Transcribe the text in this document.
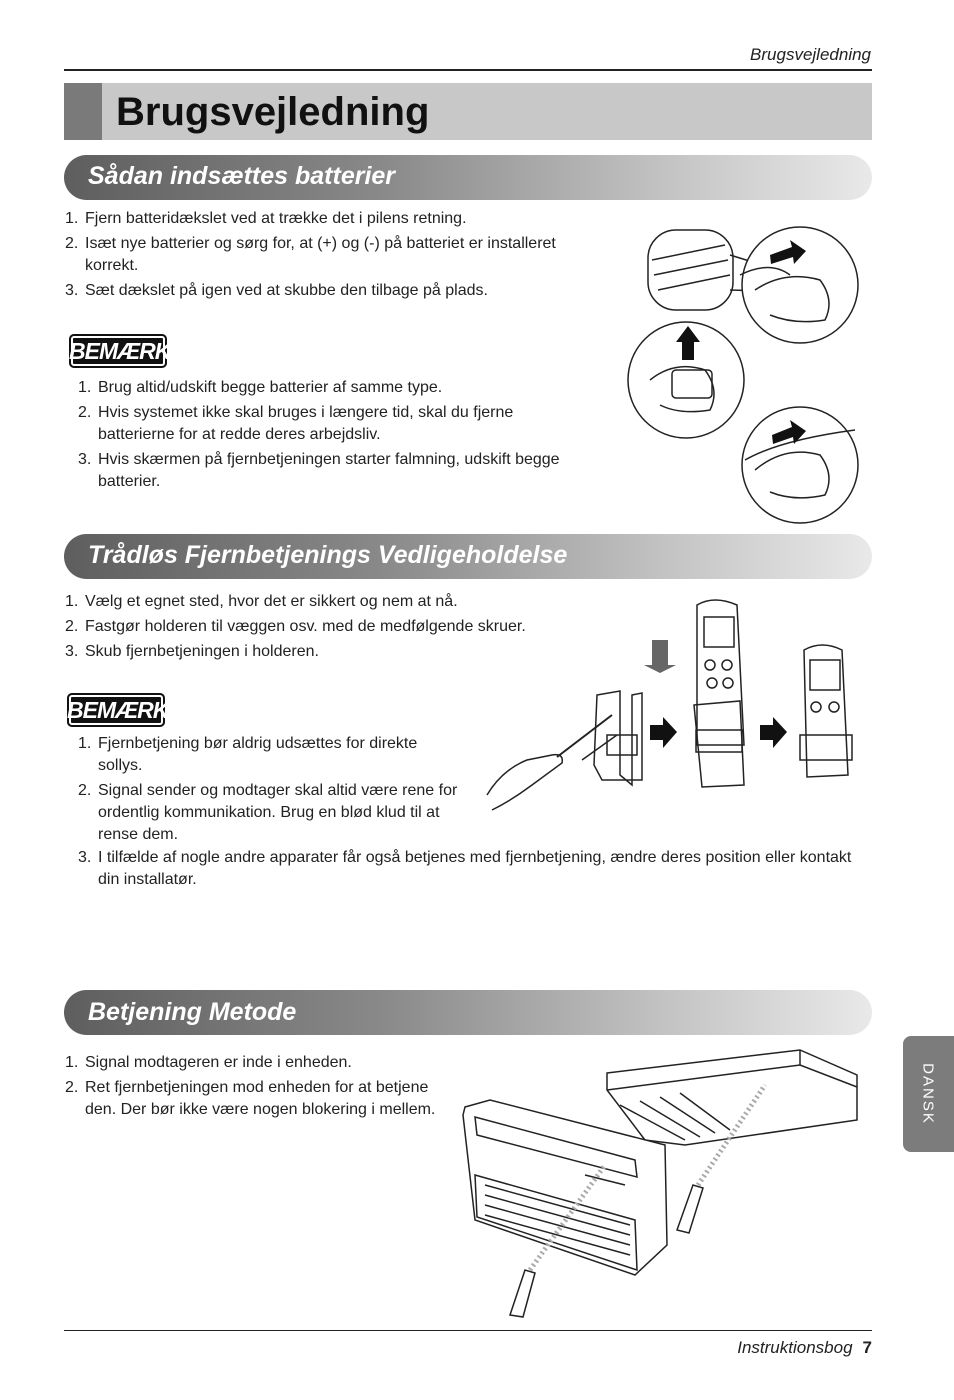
Brugsvejledning
Brugsvejledning
Sådan indsættes batterier
1. Fjern batteridækslet ved at trække det i pilens retning.
2. Isæt nye batterier og sørg for, at (+) og (-) på batteriet er installeret korrekt.
3. Sæt dækslet på igen ved at skubbe den tilbage på plads.
BEMÆRK
1. Brug altid/udskift begge batterier af samme type.
2. Hvis systemet ikke skal bruges i længere tid, skal du fjerne batterierne for at redde deres arbejdsliv.
3. Hvis skærmen på fjernbetjeningen starter falmning, udskift begge batterier.
Trådløs Fjernbetjenings Vedligeholdelse
1. Vælg et egnet sted, hvor det er sikkert og nem at nå.
2. Fastgør holderen til væggen osv. med de medfølgende skruer.
3. Skub fjernbetjeningen i holderen.
BEMÆRK
1. Fjernbetjening bør aldrig udsættes for direkte sollys.
2. Signal sender og modtager skal altid være rene for ordentlig kommunikation. Brug en blød klud til at rense dem.
3. I tilfælde af nogle andre apparater får også betjenes med fjernbetjening, ændre deres position eller kontakt din installatør.
Betjening Metode
1. Signal modtageren er inde i enheden.
2. Ret fjernbetjeningen mod enheden for at betjene den. Der bør ikke være nogen blokering i mellem.	DANSK
Instruktionsbog 7
